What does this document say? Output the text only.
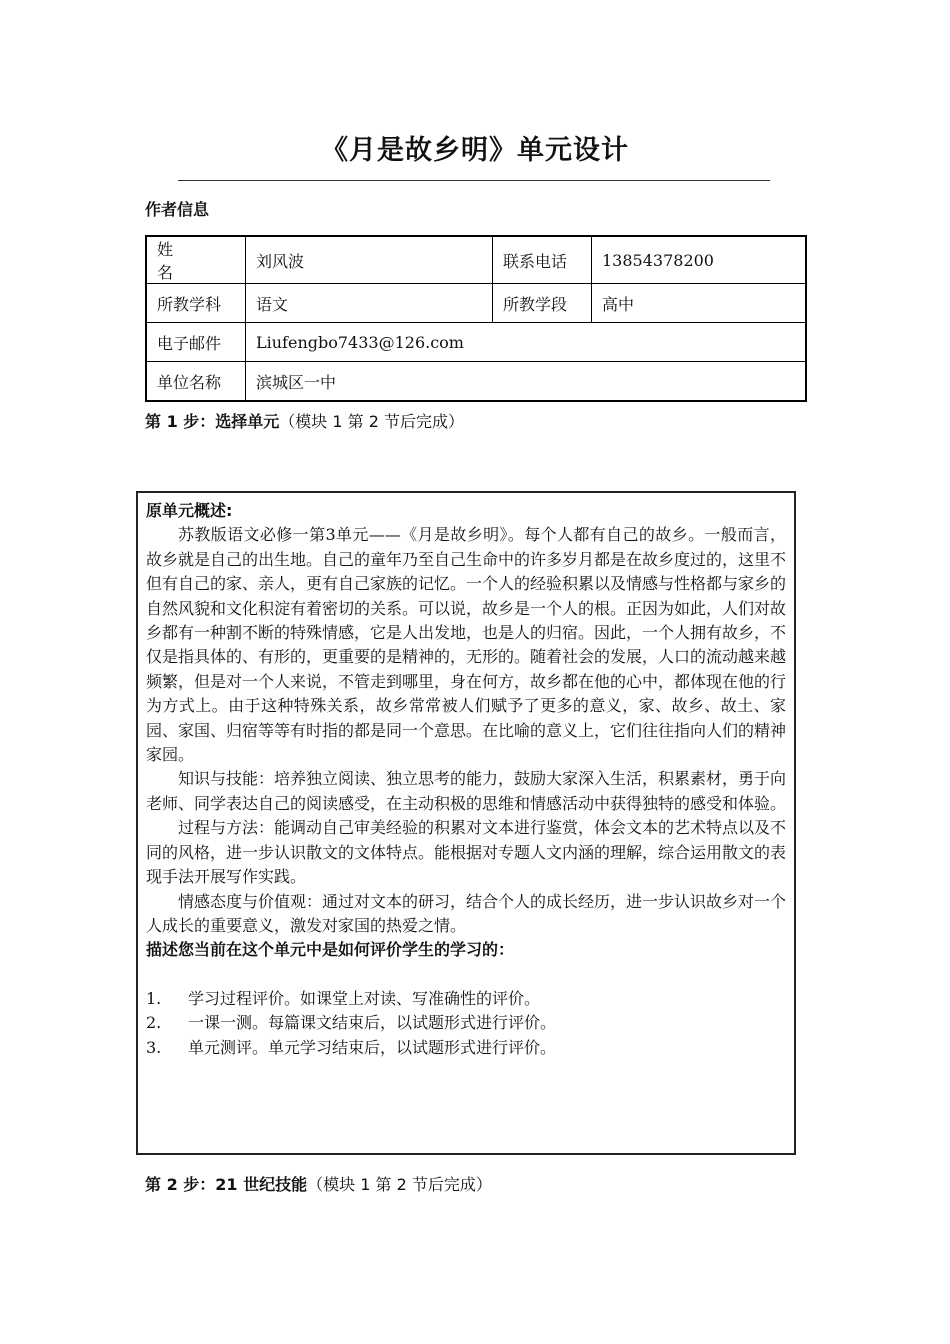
《月是故乡明》单元设计
作者信息
姓名	刘风波	联系电话	13854378200
所教学科	语文	所教学段	高中
电子邮件	Liufengbo7433@126.com		
单位名称	滨城区一中		
第 1 步：选择单元（模块 1 第 2 节后完成）
原单元概述:

苏教版语文必修一第3单元——《月是故乡明》。每个人都有自己的故乡。一般而言，故乡就是自己的出生地。自己的童年乃至自己生命中的许多岁月都是在故乡度过的，这里不但有自己的家、亲人，更有自己家族的记忆。一个人的经验积累以及情感与性格都与家乡的自然风貌和文化积淀有着密切的关系。可以说，故乡是一个人的根。正因为如此，人们对故乡都有一种割不断的特殊情感，它是人出发地，也是人的归宿。因此，一个人拥有故乡，不仅是指具体的、有形的，更重要的是精神的，无形的。随着社会的发展，人口的流动越来越频繁，但是对一个人来说，不管走到哪里，身在何方，故乡都在他的心中，都体现在他的行为方式上。由于这种特殊关系，故乡常常被人们赋予了更多的意义，家、故乡、故土、家园、家国、归宿等等有时指的都是同一个意思。在比喻的意义上，它们往往指向人们的精神家园。

知识与技能：培养独立阅读、独立思考的能力，鼓励大家深入生活，积累素材，勇于向老师、同学表达自己的阅读感受，在主动积极的思维和情感活动中获得独特的感受和体验。

过程与方法：能调动自己审美经验的积累对文本进行鉴赏，体会文本的艺术特点以及不同的风格，进一步认识散文的文体特点。能根据对专题人文内涵的理解，综合运用散文的表现手法开展写作实践。

情感态度与价值观：通过对文本的研习，结合个人的成长经历，进一步认识故乡对一个人成长的重要意义，激发对家国的热爱之情。

描述您当前在这个单元中是如何评价学生的学习的：
1.	学习过程评价。如课堂上对读、写准确性的评价。
2.	一课一测。每篇课文结束后，以试题形式进行评价。
3.	单元测评。单元学习结束后，以试题形式进行评价。
第 2 步：21 世纪技能（模块 1 第 2 节后完成）
